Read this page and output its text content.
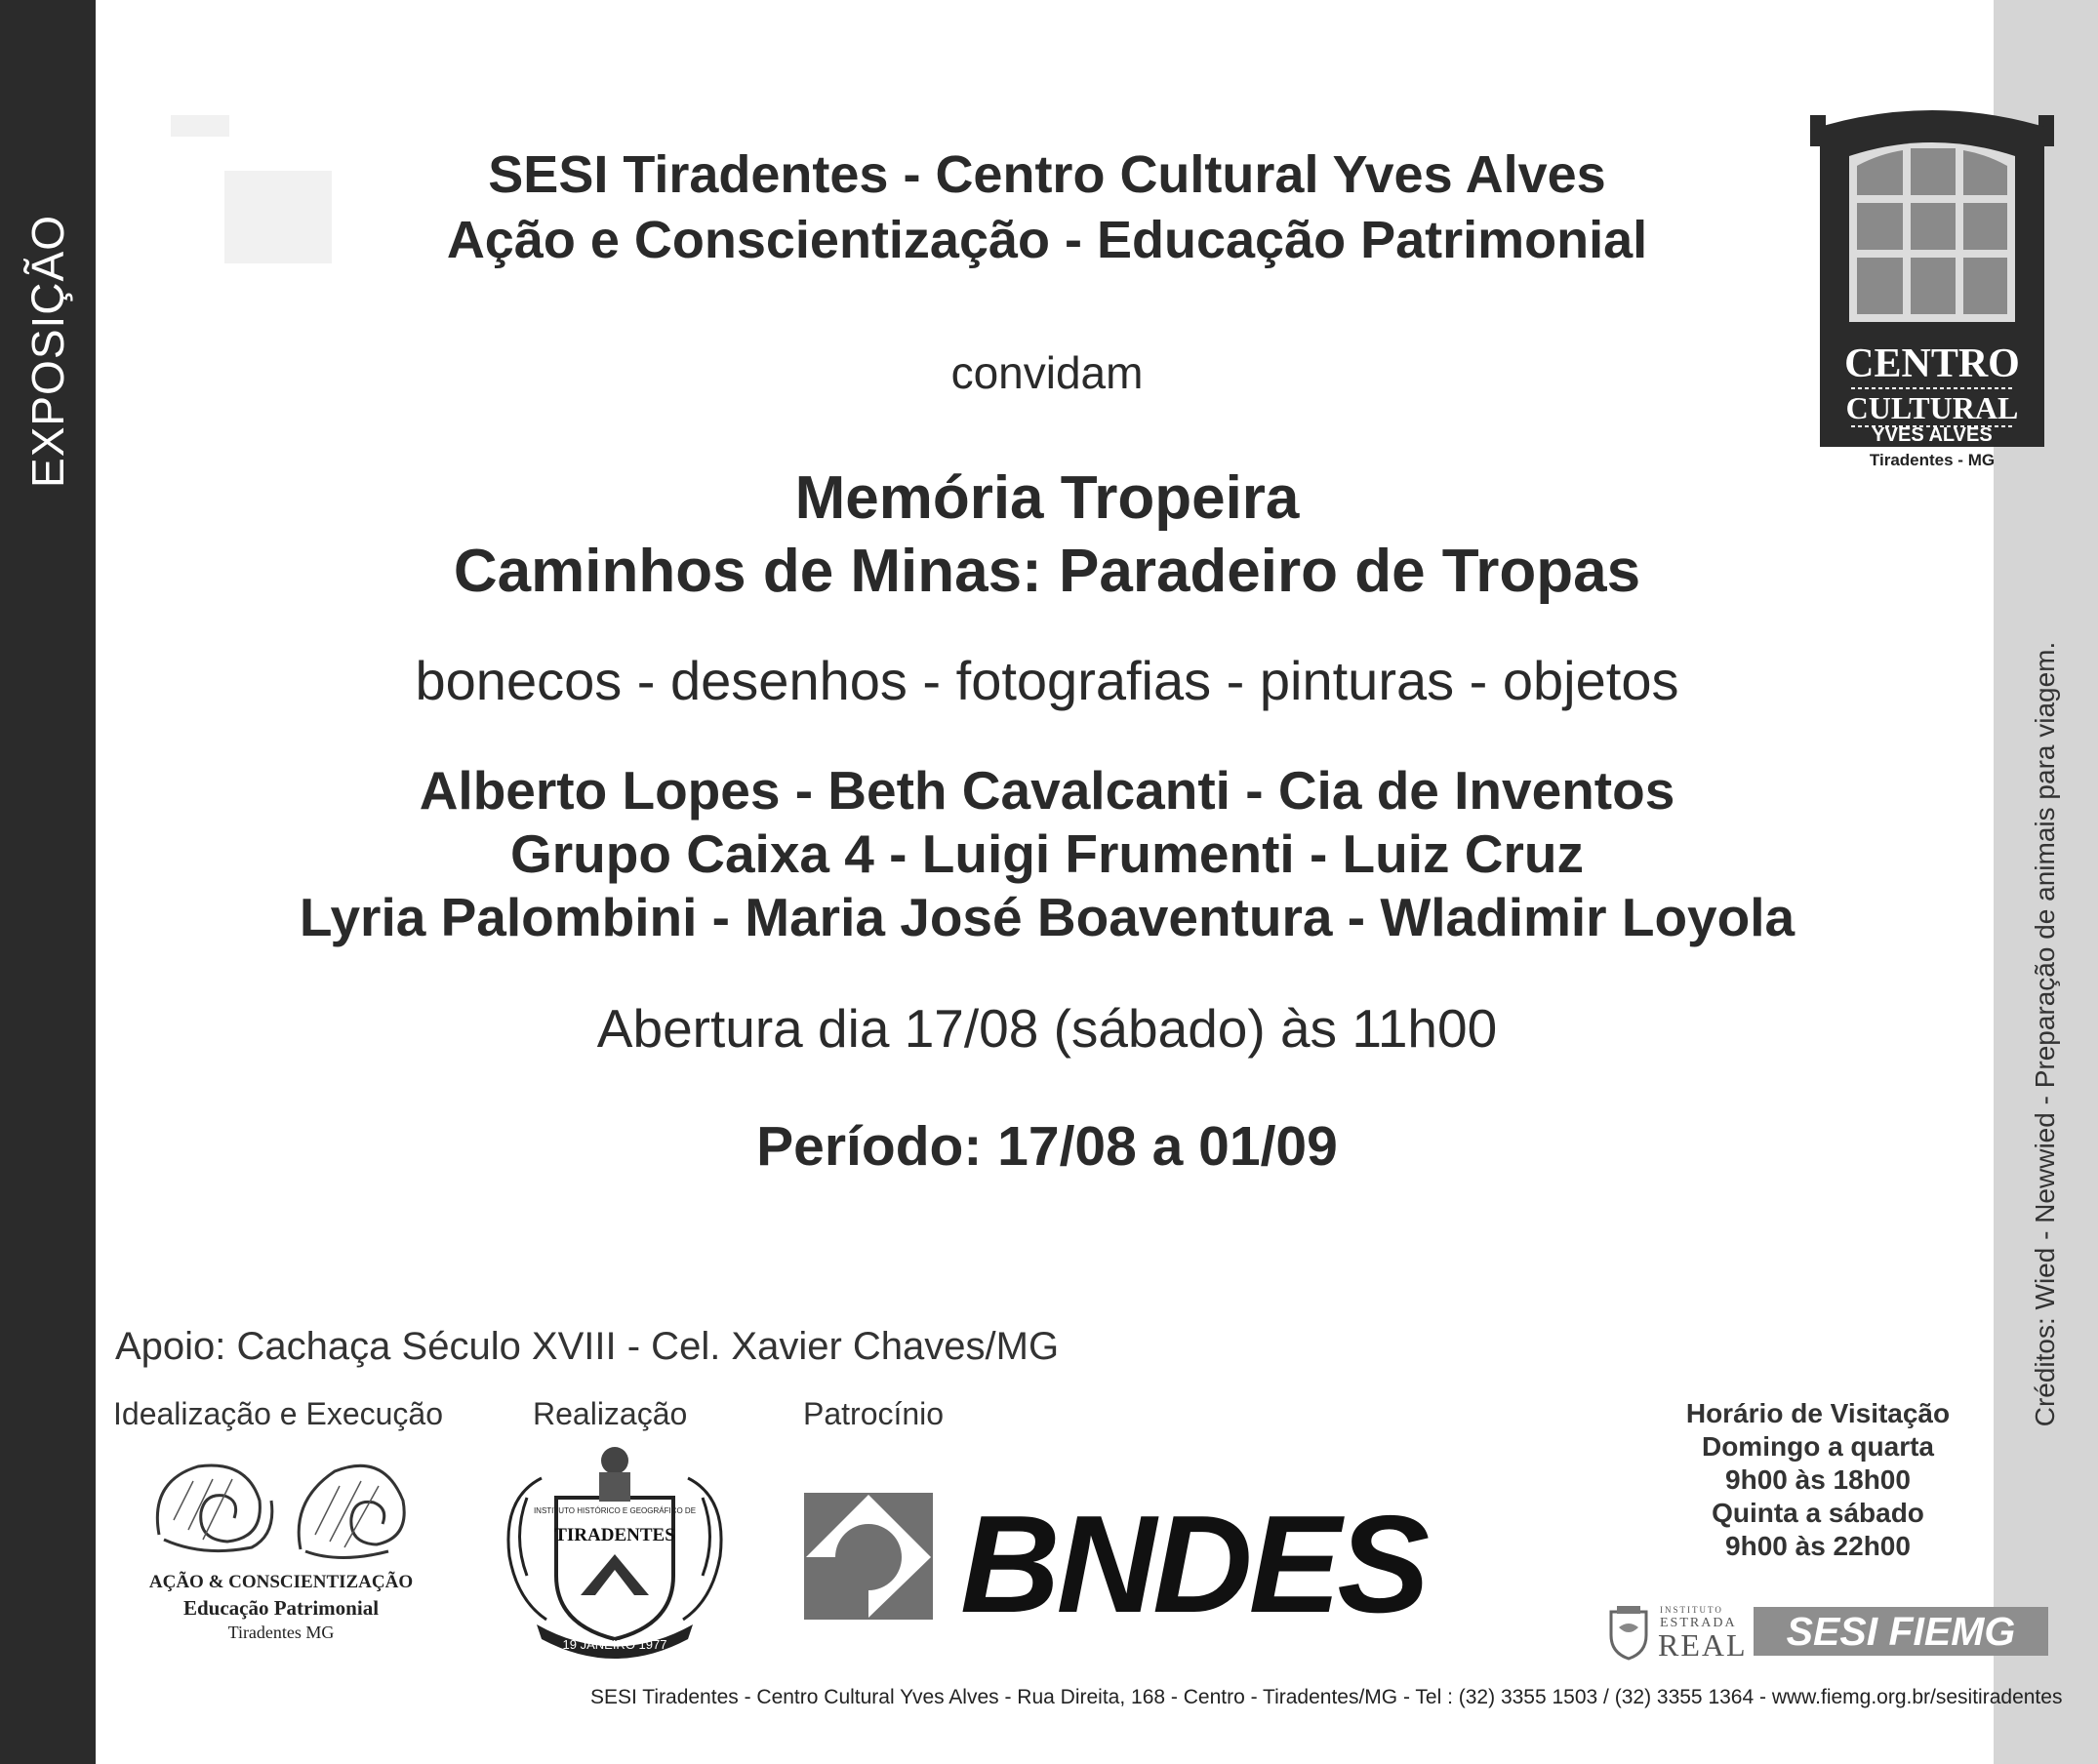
EXPOSIÇÃO
Créditos: Wied - Newwied - Preparação de animais para viagem.
SESI Tiradentes - Centro Cultural Yves Alves
Ação e Conscientização - Educação Patrimonial
convidam
Memória Tropeira
Caminhos de Minas: Paradeiro de Tropas
bonecos - desenhos - fotografias - pinturas - objetos
Alberto Lopes - Beth Cavalcanti - Cia de Inventos
Grupo Caixa 4 - Luigi Frumenti - Luiz Cruz
Lyria Palombini - Maria José Boaventura - Wladimir Loyola
Abertura dia 17/08 (sábado) às 11h00
Período: 17/08 a 01/09
CENTRO
CULTURAL
YVES ALVES
Tiradentes - MG
Apoio: Cachaça Século XVIII - Cel. Xavier Chaves/MG
Idealização e Execução	Realização	Patrocínio
AÇÃO & CONSCIENTIZAÇÃO
Educação Patrimonial
Tiradentes MG
INSTITUTO HISTÓRICO E GEOGRÁFICO DE
TIRADENTES
19 JANEIRO 1977
BNDES
Horário de Visitação
Domingo a quarta
9h00 às 18h00
Quinta a sábado
9h00 às 22h00
INSTITUTO
ESTRADA
REAL SESI FIEMG
SESI Tiradentes - Centro Cultural Yves Alves - Rua Direita, 168 - Centro - Tiradentes/MG - Tel : (32) 3355 1503 / (32) 3355 1364 - www.fiemg.org.br/sesitiradentes
